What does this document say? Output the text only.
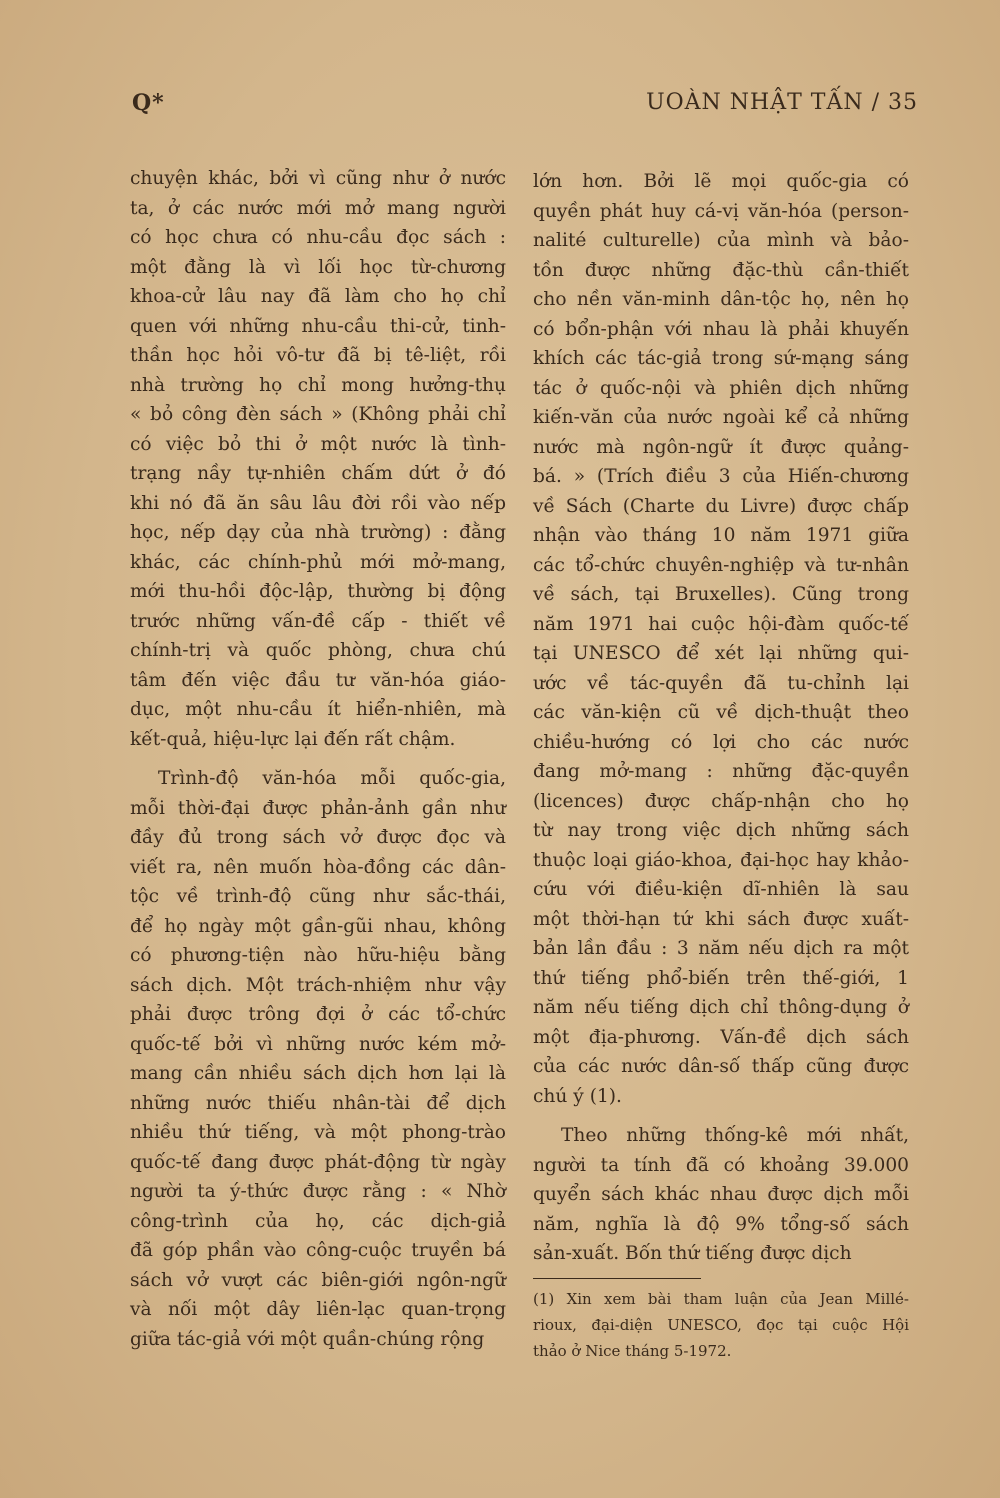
Q*	UOÀN NHẬT TẤN / 35
chuyện khác, bởi vì cũng như ở nước
ta, ở các nước mới mở mang người
có học chưa có nhu-cầu đọc sách :
một đằng là vì lối học từ-chương
khoa-cử lâu nay đã làm cho họ chỉ
quen với những nhu-cầu thi-cử, tinh-
thần học hỏi vô-tư đã bị tê-liệt, rồi
nhà trường họ chỉ mong hưởng-thụ
« bỏ công đèn sách » (Không phải chỉ
có việc bỏ thi ở một nước là tình-
trạng nầy tự-nhiên chấm dứt ở đó
khi nó đã ăn sâu lâu đời rồi vào nếp
học, nếp dạy của nhà trường) : đằng
khác, các chính-phủ mới mở-mang,
mới thu-hồi độc-lập, thường bị động
trước những vấn-đề cấp - thiết về
chính-trị và quốc phòng, chưa chú
tâm đến việc đầu tư văn-hóa giáo-
dục, một nhu-cầu ít hiển-nhiên, mà
kết-quả, hiệu-lực lại đến rất chậm.
Trình-độ văn-hóa mỗi quốc-gia,
mỗi thời-đại được phản-ảnh gần như
đầy đủ trong sách vở được đọc và
viết ra, nên muốn hòa-đồng các dân-
tộc về trình-độ cũng như sắc-thái,
để họ ngày một gần-gũi nhau, không
có phương-tiện nào hữu-hiệu bằng
sách dịch. Một trách-nhiệm như vậy
phải được trông đợi ở các tổ-chức
quốc-tế bởi vì những nước kém mở-
mang cần nhiều sách dịch hơn lại là
những nước thiếu nhân-tài để dịch
nhiều thứ tiếng, và một phong-trào
quốc-tế đang được phát-động từ ngày
người ta ý-thức được rằng : « Nhờ
công-trình của họ, các dịch-giả
đã góp phần vào công-cuộc truyền bá
sách vở vượt các biên-giới ngôn-ngữ
và nối một dây liên-lạc quan-trọng
giữa tác-giả với một quần-chúng rộng
lớn hơn. Bởi lẽ mọi quốc-gia có
quyền phát huy cá-vị văn-hóa (person-
nalité culturelle) của mình và bảo-
tồn được những đặc-thù cần-thiết
cho nền văn-minh dân-tộc họ, nên họ
có bổn-phận với nhau là phải khuyến
khích các tác-giả trong sứ-mạng sáng
tác ở quốc-nội và phiên dịch những
kiến-văn của nước ngoài kể cả những
nước mà ngôn-ngữ ít được quảng-
bá. » (Trích điều 3 của Hiến-chương
về Sách (Charte du Livre) được chấp
nhận vào tháng 10 năm 1971 giữa
các tổ-chức chuyên-nghiệp và tư-nhân
về sách, tại Bruxelles). Cũng trong
năm 1971 hai cuộc hội-đàm quốc-tế
tại UNESCO để xét lại những qui-
ước về tác-quyền đã tu-chỉnh lại
các văn-kiện cũ về dịch-thuật theo
chiều-hướng có lợi cho các nước
đang mở-mang : những đặc-quyền
(licences) được chấp-nhận cho họ
từ nay trong việc dịch những sách
thuộc loại giáo-khoa, đại-học hay khảo-
cứu với điều-kiện dĩ-nhiên là sau
một thời-hạn tứ khi sách được xuất-
bản lần đầu : 3 năm nếu dịch ra một
thứ tiếng phổ-biến trên thế-giới, 1
năm nếu tiếng dịch chỉ thông-dụng ở
một địa-phương. Vấn-đề dịch sách
của các nước dân-số thấp cũng được
chú ý (1).
Theo những thống-kê mới nhất,
người ta tính đã có khoảng 39.000
quyển sách khác nhau được dịch mỗi
năm, nghĩa là độ 9% tổng-số sách
sản-xuất. Bốn thứ tiếng được dịch
(1) Xin xem bài tham luận của Jean Millé-
rioux, đại-diện UNESCO, đọc tại cuộc Hội
thảo ở Nice tháng 5-1972.
